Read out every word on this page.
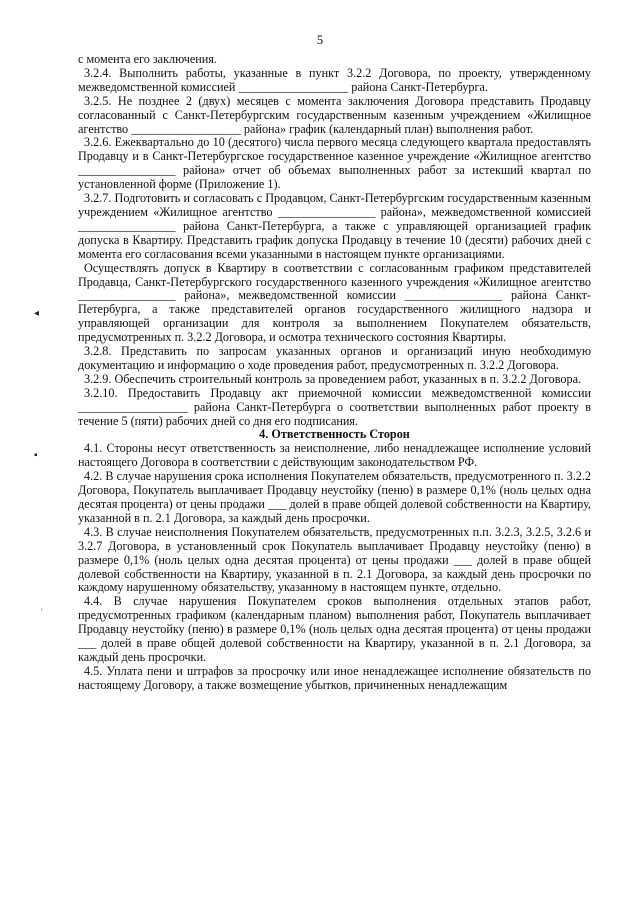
5

с момента его заключения.

3.2.4. Выполнить работы, указанные в пункт 3.2.2 Договора, по проекту, утвержденному межведомственной комиссией __________________ района Санкт-Петербурга.

3.2.5. Не позднее 2 (двух) месяцев с момента заключения Договора представить Продавцу согласованный с Санкт-Петербургским государственным казенным учреждением «Жилищное агентство __________________ района» график (календарный план) выполнения работ.

3.2.6. Ежеквартально до 10 (десятого) числа первого месяца следующего квартала предоставлять Продавцу и в Санкт-Петербургское государственное казенное учреждение «Жилищное агентство ________________ района» отчет об объемах выполненных работ за истекший квартал по установленной форме (Приложение 1).

3.2.7. Подготовить и согласовать с Продавцом, Санкт-Петербургским государственным казенным учреждением «Жилищное агентство ________________ района», межведомственной комиссией ________________ района Санкт-Петербурга, а также с управляющей организацией график допуска в Квартиру. Представить график допуска Продавцу в течение 10 (десяти) рабочих дней с момента его согласования всеми указанными в настоящем пункте организациями.

Осуществлять допуск в Квартиру в соответствии с согласованным графиком представителей Продавца, Санкт-Петербургского государственного казенного учреждения «Жилищное агентство ________________ района», межведомственной комиссии ________________ района Санкт-Петербурга, а также представителей органов государственного жилищного надзора и управляющей организации для контроля за выполнением Покупателем обязательств, предусмотренных п. 3.2.2 Договора, и осмотра технического состояния Квартиры.

3.2.8. Представить по запросам указанных органов и организаций иную необходимую документацию и информацию о ходе проведения работ, предусмотренных п. 3.2.2 Договора.

3.2.9. Обеспечить строительный контроль за проведением работ, указанных в п. 3.2.2 Договора.

3.2.10. Предоставить Продавцу акт приемочной комиссии межведомственной комиссии __________________ района Санкт-Петербурга о соответствии выполненных работ проекту в течение 5 (пяти) рабочих дней со дня его подписания.

4. Ответственность Сторон

4.1. Стороны несут ответственность за неисполнение, либо ненадлежащее исполнение условий настоящего Договора в соответствии с действующим законодательством РФ.

4.2. В случае нарушения срока исполнения Покупателем обязательств, предусмотренного п. 3.2.2 Договора, Покупатель выплачивает Продавцу неустойку (пеню) в размере 0,1% (ноль целых одна десятая процента) от цены продажи ___ долей в праве общей долевой собственности на Квартиру, указанной в п. 2.1 Договора, за каждый день просрочки.

4.3. В случае неисполнения Покупателем обязательств, предусмотренных п.п. 3.2.3, 3.2.5, 3.2.6 и 3.2.7 Договора, в установленный срок Покупатель выплачивает Продавцу неустойку (пеню) в размере 0,1% (ноль целых одна десятая процента) от цены продажи ___ долей в праве общей долевой собственности на Квартиру, указанной в п. 2.1 Договора, за каждый день просрочки по каждому нарушенному обязательству, указанному в настоящем пункте, отдельно.

4.4. В случае нарушения Покупателем сроков выполнения отдельных этапов работ, предусмотренных графиком (календарным планом) выполнения работ, Покупатель выплачивает Продавцу неустойку (пеню) в размере 0,1% (ноль целых одна десятая процента) от цены продажи ___ долей в праве общей долевой собственности на Квартиру, указанной в п. 2.1 Договора, за каждый день просрочки.

4.5. Уплата пени и штрафов за просрочку или иное ненадлежащее исполнение обязательств по настоящему Договору, а также возмещение убытков, причиненных ненадлежащим

◂
▪
˒
